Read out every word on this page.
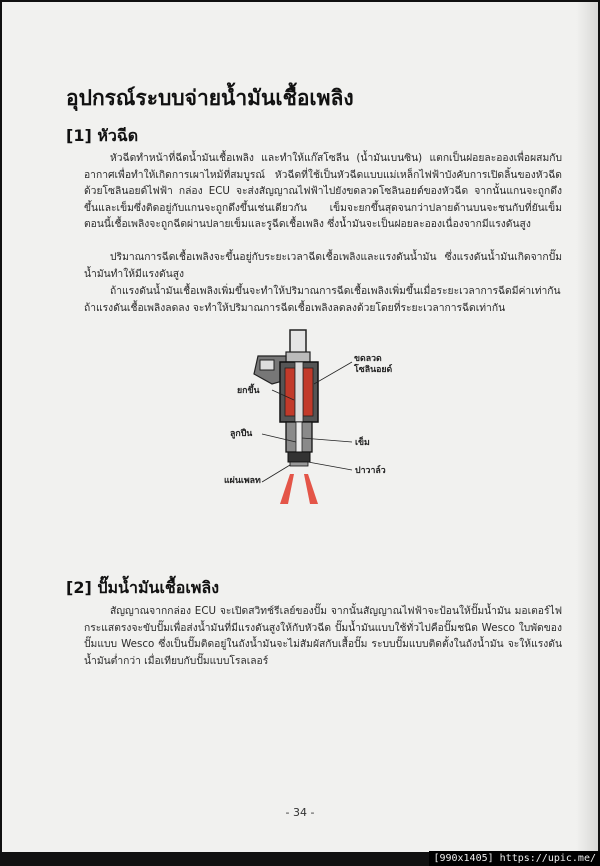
อุปกรณ์ระบบจ่ายน้ำมันเชื้อเพลิง
[1] หัวฉีด
หัวฉีดทำหน้าที่ฉีดน้ำมันเชื้อเพลิง และทำให้แก๊สโซลีน (น้ำมันเบนซิน) แตกเป็นฝอยละอองเพื่อผสมกับอากาศเพื่อทำให้เกิดการเผาไหม้ที่สมบูรณ์ หัวฉีดที่ใช้เป็นหัวฉีดแบบแม่เหล็กไฟฟ้าบังคับการเปิดลิ้นของหัวฉีดด้วยโซลินอยด์ไฟฟ้า กล่อง ECU จะส่งสัญญาณไฟฟ้าไปยังขดลวดโซลินอยด์ของหัวฉีด จากนั้นแกนจะถูกดึงขึ้นและเข็มซึ่งติดอยู่กับแกนจะถูกดึงขึ้นเช่นเดียวกัน เข็มจะยกขึ้นสุดจนกว่าปลายด้านบนจะชนกับที่ยันเข็ม ตอนนี้เชื้อเพลิงจะถูกฉีดผ่านปลายเข็มและรูฉีดเชื้อเพลิง ซึ่งน้ำมันจะเป็นฝอยละอองเนื่องจากมีแรงดันสูง
ปริมาณการฉีดเชื้อเพลิงจะขึ้นอยู่กับระยะเวลาฉีดเชื้อเพลิงและแรงดันน้ำมัน ซึ่งแรงดันน้ำมันเกิดจากปั๊มน้ำมันทำให้มีแรงดันสูง
ถ้าแรงดันน้ำมันเชื้อเพลิงเพิ่มขึ้นจะทำให้ปริมาณการฉีดเชื้อเพลิงเพิ่มขึ้นเมื่อระยะเวลาการฉีดมีค่าเท่ากัน ถ้าแรงดันเชื้อเพลิงลดลง จะทำให้ปริมาณการฉีดเชื้อเพลิงลดลงด้วยโดยที่ระยะเวลาการฉีดเท่ากัน
ขดลวด
โซลินอยด์
ยกขึ้น
ลูกปืน
เข็ม
ปาวาล์ว
แผ่นเพลท
[2] ปั๊มน้ำมันเชื้อเพลิง
สัญญาณจากกล่อง ECU จะเปิดสวิทช์รีเลย์ของปั๊ม จากนั้นสัญญาณไฟฟ้าจะป้อนให้ปั๊มน้ำมัน มอเตอร์ไฟกระแสตรงจะขับปั๊มเพื่อส่งน้ำมันที่มีแรงดันสูงให้กับหัวฉีด ปั๊มน้ำมันแบบใช้ทั่วไปคือปั๊มชนิด Wesco ใบพัดของปั๊มแบบ Wesco ซึ่งเป็นปั๊มติดอยู่ในถังน้ำมันจะไม่สัมผัสกับเสื้อปั๊ม ระบบปั๊มแบบติดตั้งในถังน้ำมัน จะให้แรงดันน้ำมันต่ำกว่า เมื่อเทียบกับปั๊มแบบโรลเลอร์
- 34 -
[990x1405] https://upic.me/
